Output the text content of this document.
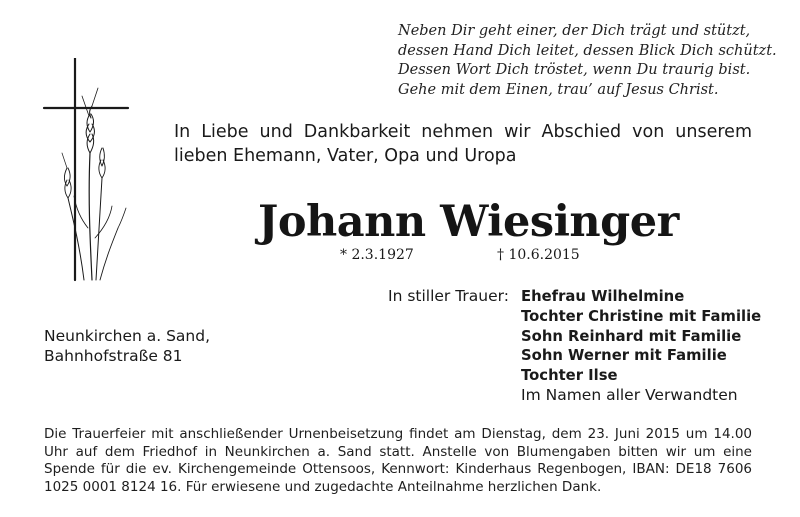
Neben Dir geht einer, der Dich trägt und stützt,
dessen Hand Dich leitet, dessen Blick Dich schützt.
Dessen Wort Dich tröstet, wenn Du traurig bist.
Gehe mit dem Einen, trau’ auf Jesus Christ.
In Liebe und Dankbarkeit nehmen wir Abschied von unserem
lieben Ehemann, Vater, Opa und Uropa
Johann Wiesinger
* 2.3.1927	† 10.6.2015
In stiller Trauer: Ehefrau Wilhelmine
Tochter Christine mit Familie
Sohn Reinhard mit Familie
Sohn Werner mit Familie
Tochter Ilse
Im Namen aller Verwandten
Neunkirchen a. Sand,
Bahnhofstraße 81
Die Trauerfeier mit anschließender Urnenbeisetzung findet am Dienstag, dem 23. Juni 2015 um 14.00 Uhr auf dem Friedhof in Neunkirchen a. Sand statt. Anstelle von Blumengaben bitten wir um eine Spende für die ev. Kirchengemeinde Ottensoos, Kennwort: Kinderhaus Regenbogen, IBAN: DE18 7606 1025 0001 8124 16. Für erwiesene und zugedachte Anteilnahme herzlichen Dank.
